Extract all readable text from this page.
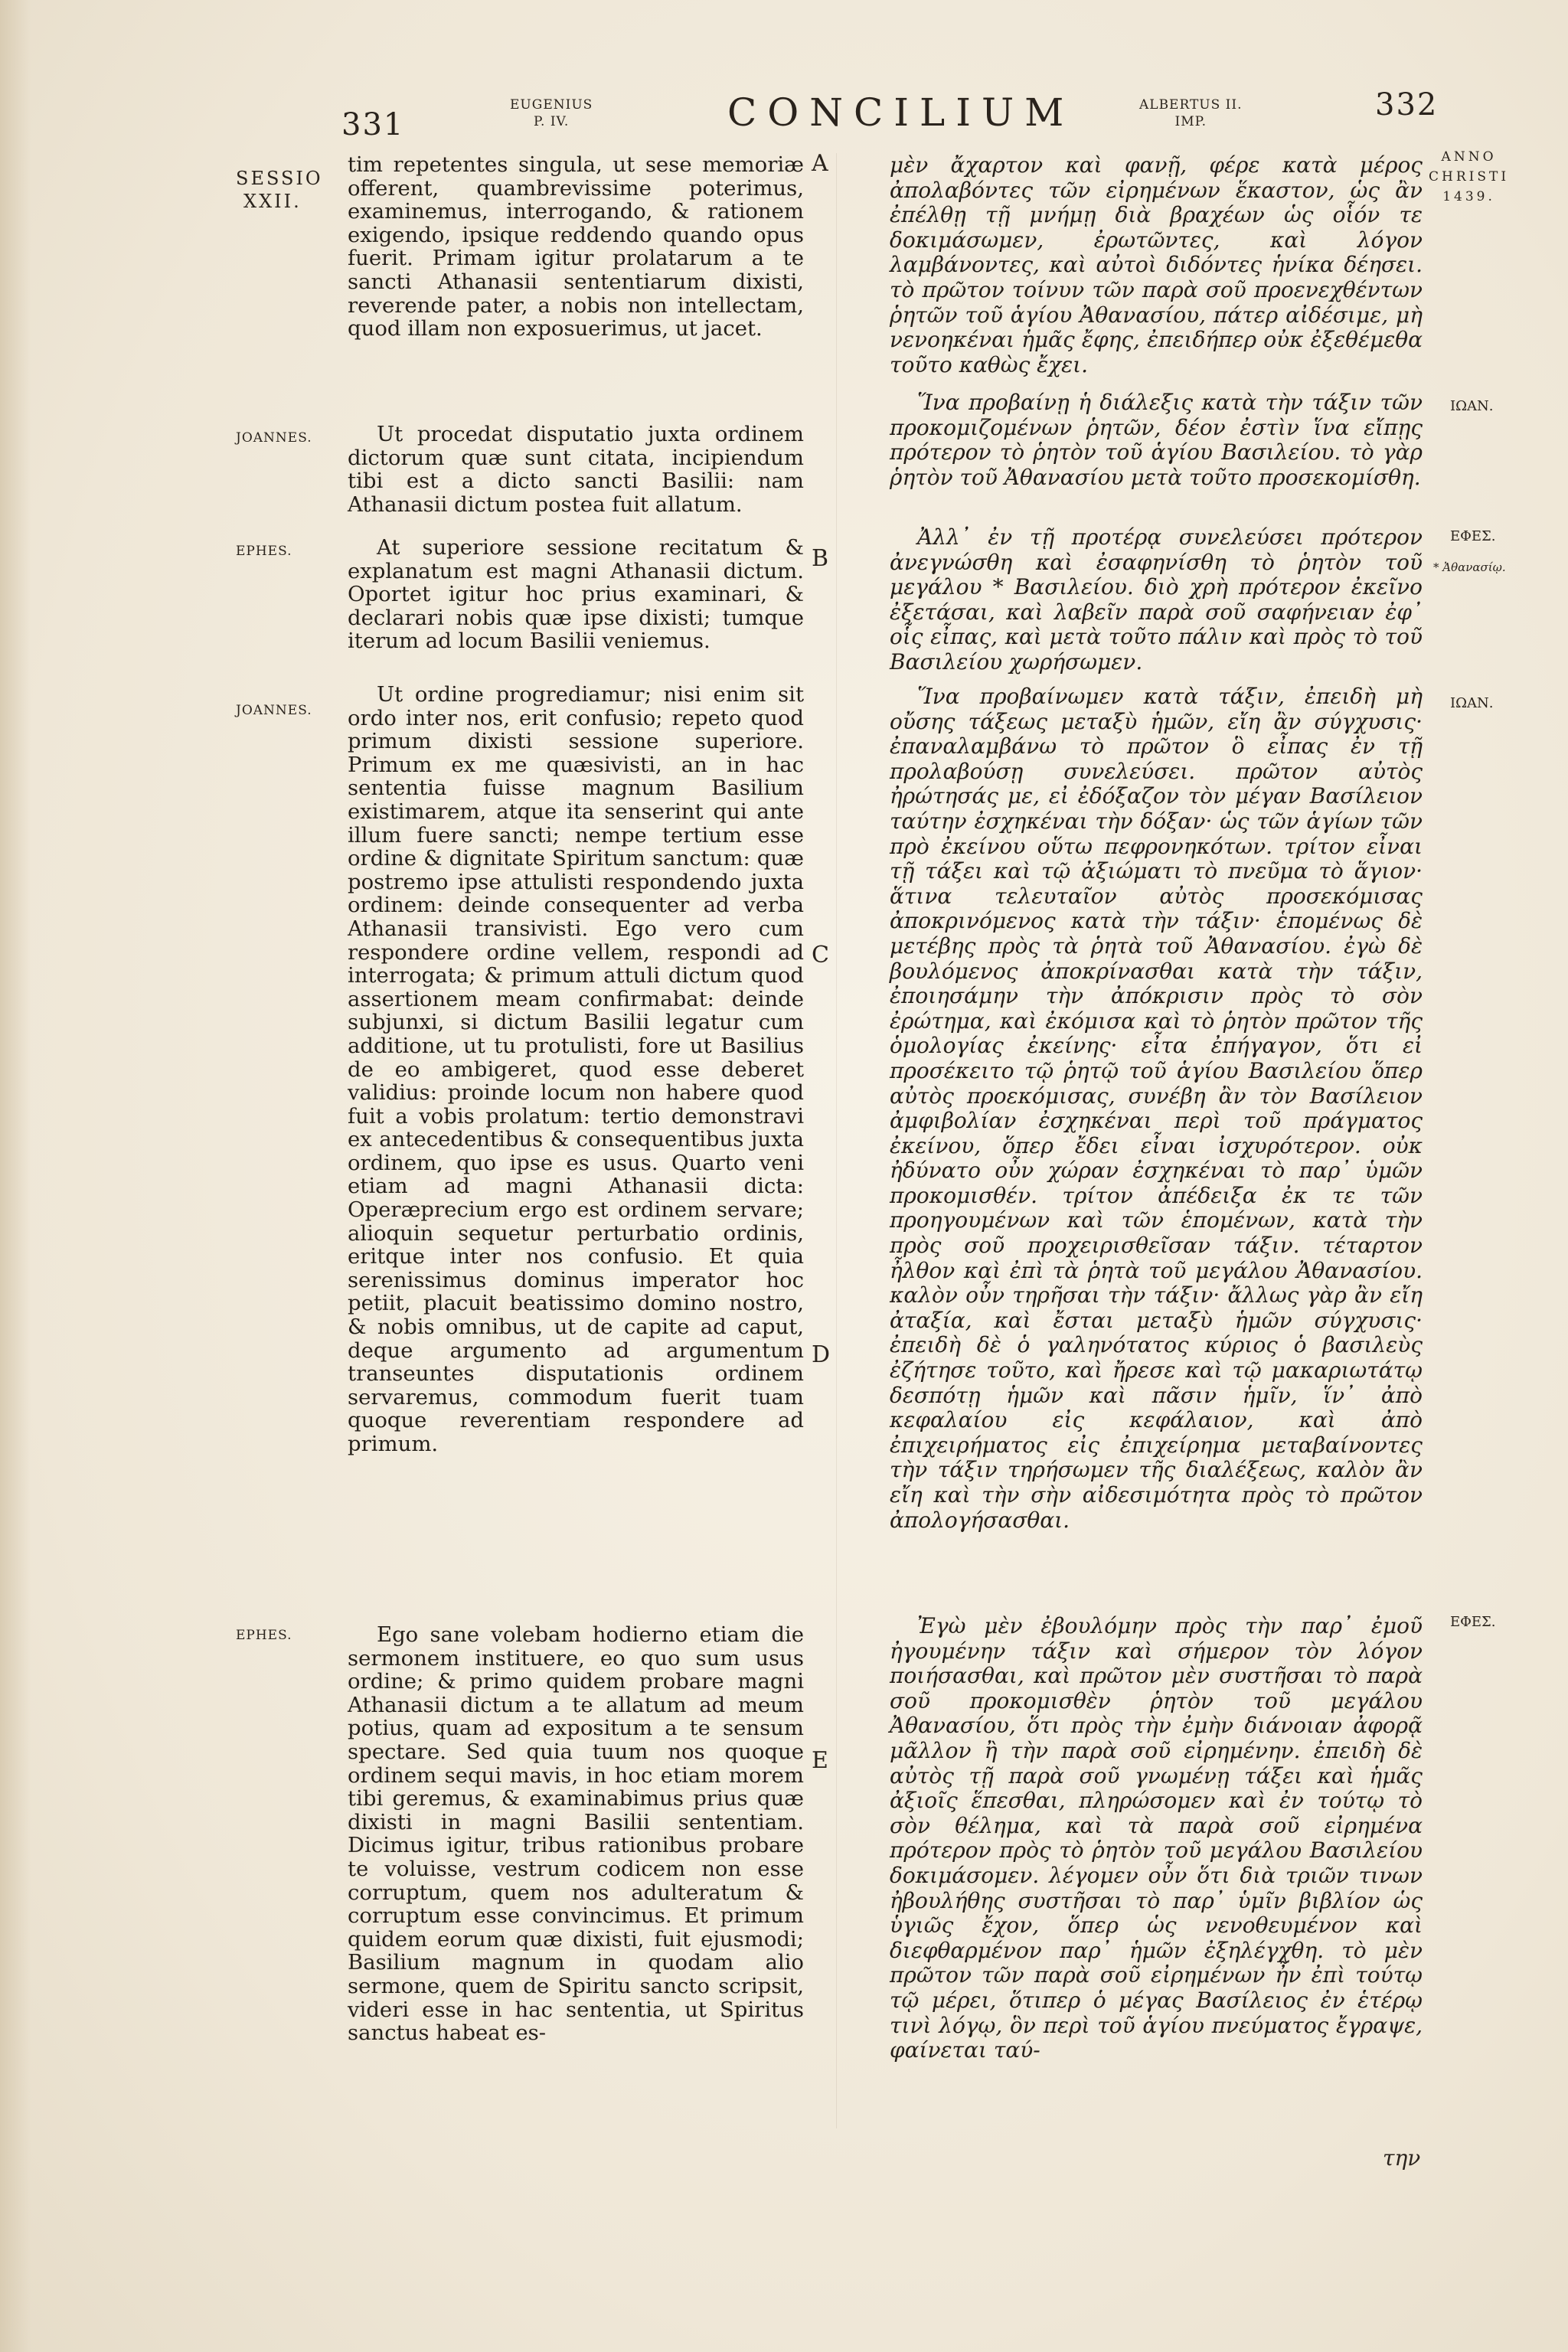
331
EUGENIUS
P. IV.	CONCILIUM	ALBERTUS II.
IMP.	332
SESSIO
XXII.
JOANNES.
EPHES.
JOANNES.
EPHES.
ANNO
CHRISTI
1439.
ΙΩΑΝ.
ΕΦΕΣ.
* Ἀθανασίῳ.
ΙΩΑΝ.
ΕΦΕΣ.
A
B
C
D
E

tim repetentes singula, ut sese memoriæ offerent, quambrevissime poterimus, examinemus, interrogando, & rationem exigendo, ipsique reddendo quando opus fuerit. Primam igitur prolatarum a te sancti Athanasii sententiarum dixisti, reverende pater, a nobis non intellectam, quod illam non exposuerimus, ut jacet.

Ut procedat disputatio juxta ordinem dictorum quæ sunt citata, incipiendum tibi est a dicto sancti Basilii: nam Athanasii dictum postea fuit allatum.

At superiore sessione recitatum & explanatum est magni Athanasii dictum. Oportet igitur hoc prius examinari, & declarari nobis quæ ipse dixisti; tumque iterum ad locum Basilii veniemus.

Ut ordine progrediamur; nisi enim sit ordo inter nos, erit confusio; repeto quod primum dixisti sessione superiore. Primum ex me quæsivisti, an in hac sententia fuisse magnum Basilium existimarem, atque ita senserint qui ante illum fuere sancti; nempe tertium esse ordine & dignitate Spiritum sanctum: quæ postremo ipse attulisti respondendo juxta ordinem: deinde consequenter ad verba Athanasii transivisti. Ego vero cum respondere ordine vellem, respondi ad interrogata; & primum attuli dictum quod assertionem meam confirmabat: deinde subjunxi, si dictum Basilii legatur cum additione, ut tu protulisti, fore ut Basilius de eo ambigeret, quod esse deberet validius: proinde locum non habere quod fuit a vobis prolatum: tertio demonstravi ex antecedentibus & consequentibus juxta ordinem, quo ipse es usus. Quarto veni etiam ad magni Athanasii dicta: Operæprecium ergo est ordinem servare; alioquin sequetur perturbatio ordinis, eritque inter nos confusio. Et quia serenissimus dominus imperator hoc petiit, placuit beatissimo domino nostro, & nobis omnibus, ut de capite ad caput, deque argumento ad argumentum transeuntes disputationis ordinem servaremus, commodum fuerit tuam quoque reverentiam respondere ad primum.

Ego sane volebam hodierno etiam die sermonem instituere, eo quo sum usus ordine; & primo quidem probare magni Athanasii dictum a te allatum ad meum potius, quam ad expositum a te sensum spectare. Sed quia tuum nos quoque ordinem sequi mavis, in hoc etiam morem tibi geremus, & examinabimus prius quæ dixisti in magni Basilii sententiam. Dicimus igitur, tribus rationibus probare te voluisse, vestrum codicem non esse corruptum, quem nos adulteratum & corruptum esse convincimus. Et primum quidem eorum quæ dixisti, fuit ejusmodi; Basilium magnum in quodam alio sermone, quem de Spiritu sancto scripsit, videri esse in hac sententia, ut Spiritus sanctus habeat es-

μὲν ἄχαρτον καὶ φανῇ, φέρε κατὰ μέρος ἀπολαβόντες τῶν εἰρημένων ἕκαστον, ὡς ἂν ἐπέλθῃ τῇ μνήμῃ διὰ βραχέων ὡς οἷόν τε δοκιμάσωμεν, ἐρωτῶντες, καὶ λόγον λαμβάνοντες, καὶ αὐτοὶ διδόντες ἡνίκα δέησει. τὸ πρῶτον τοίνυν τῶν παρὰ σοῦ προενεχθέντων ῥητῶν τοῦ ἁγίου Ἀθανασίου, πάτερ αἰδέσιμε, μὴ νενοηκέναι ἡμᾶς ἔφης, ἐπειδήπερ οὐκ ἐξεθέμεθα τοῦτο καθὼς ἔχει.

Ἵνα προβαίνῃ ἡ διάλεξις κατὰ τὴν τάξιν τῶν προκομιζομένων ῥητῶν, δέον ἐστὶν ἵνα εἴπῃς πρότερον τὸ ῥητὸν τοῦ ἁγίου Βασιλείου. τὸ γὰρ ῥητὸν τοῦ Ἀθανασίου μετὰ τοῦτο προσεκομίσθη.

Ἀλλ᾽ ἐν τῇ προτέρᾳ συνελεύσει πρότερον ἀνεγνώσθη καὶ ἐσαφηνίσθη τὸ ῥητὸν τοῦ μεγάλου * Βασιλείου. διὸ χρὴ πρότερον ἐκεῖνο ἐξετάσαι, καὶ λαβεῖν παρὰ σοῦ σαφήνειαν ἐφ᾽ οἷς εἶπας, καὶ μετὰ τοῦτο πάλιν καὶ πρὸς τὸ τοῦ Βασιλείου χωρήσωμεν.

Ἵνα προβαίνωμεν κατὰ τάξιν, ἐπειδὴ μὴ οὔσης τάξεως μεταξὺ ἡμῶν, εἴη ἂν σύγχυσις· ἐπαναλαμβάνω τὸ πρῶτον ὃ εἶπας ἐν τῇ προλαβούσῃ συνελεύσει. πρῶτον αὐτὸς ἠρώτησάς με, εἰ ἐδόξαζον τὸν μέγαν Βασίλειον ταύτην ἐσχηκέναι τὴν δόξαν· ὡς τῶν ἁγίων τῶν πρὸ ἐκείνου οὕτω πεφρονηκότων. τρίτον εἶναι τῇ τάξει καὶ τῷ ἀξιώματι τὸ πνεῦμα τὸ ἅγιον· ἅτινα τελευταῖον αὐτὸς προσεκόμισας ἀποκρινόμενος κατὰ τὴν τάξιν· ἑπομένως δὲ μετέβης πρὸς τὰ ῥητὰ τοῦ Ἀθανασίου. ἐγὼ δὲ βουλόμενος ἀποκρίνασθαι κατὰ τὴν τάξιν, ἐποιησάμην τὴν ἀπόκρισιν πρὸς τὸ σὸν ἐρώτημα, καὶ ἐκόμισα καὶ τὸ ῥητὸν πρῶτον τῆς ὁμολογίας ἐκείνης· εἶτα ἐπήγαγον, ὅτι εἰ προσέκειτο τῷ ῥητῷ τοῦ ἁγίου Βασιλείου ὅπερ αὐτὸς προεκόμισας, συνέβη ἂν τὸν Βασίλειον ἀμφιβολίαν ἐσχηκέναι περὶ τοῦ πράγματος ἐκείνου, ὅπερ ἔδει εἶναι ἰσχυρότερον. οὐκ ἠδύνατο οὖν χώραν ἐσχηκέναι τὸ παρ᾽ ὑμῶν προκομισθέν. τρίτον ἀπέδειξα ἐκ τε τῶν προηγουμένων καὶ τῶν ἑπομένων, κατὰ τὴν πρὸς σοῦ προχειρισθεῖσαν τάξιν. τέταρτον ἦλθον καὶ ἐπὶ τὰ ῥητὰ τοῦ μεγάλου Ἀθανασίου. καλὸν οὖν τηρῆσαι τὴν τάξιν· ἄλλως γὰρ ἂν εἴη ἀταξία, καὶ ἔσται μεταξὺ ἡμῶν σύγχυσις· ἐπειδὴ δὲ ὁ γαληνότατος κύριος ὁ βασιλεὺς ἐζήτησε τοῦτο, καὶ ἤρεσε καὶ τῷ μακαριωτάτῳ δεσπότῃ ἡμῶν καὶ πᾶσιν ἡμῖν, ἵν᾽ ἀπὸ κεφαλαίου εἰς κεφάλαιον, καὶ ἀπὸ ἐπιχειρήματος εἰς ἐπιχείρημα μεταβαίνοντες τὴν τάξιν τηρήσωμεν τῆς διαλέξεως, καλὸν ἂν εἴη καὶ τὴν σὴν αἰδεσιμότητα πρὸς τὸ πρῶτον ἀπολογήσασθαι.

Ἐγὼ μὲν ἐβουλόμην πρὸς τὴν παρ᾽ ἐμοῦ ἠγουμένην τάξιν καὶ σήμερον τὸν λόγον ποιήσασθαι, καὶ πρῶτον μὲν συστῆσαι τὸ παρὰ σοῦ προκομισθὲν ῥητὸν τοῦ μεγάλου Ἀθανασίου, ὅτι πρὸς τὴν ἐμὴν διάνοιαν ἀφορᾷ μᾶλλον ἢ τὴν παρὰ σοῦ εἰρημένην. ἐπειδὴ δὲ αὐτὸς τῇ παρὰ σοῦ γνωμένῃ τάξει καὶ ἡμᾶς ἀξιοῖς ἕπεσθαι, πληρώσομεν καὶ ἐν τούτῳ τὸ σὸν θέλημα, καὶ τὰ παρὰ σοῦ εἰρημένα πρότερον πρὸς τὸ ῥητὸν τοῦ μεγάλου Βασιλείου δοκιμάσομεν. λέγομεν οὖν ὅτι διὰ τριῶν τινων ἠβουλήθης συστῆσαι τὸ παρ᾽ ὑμῖν βιβλίον ὡς ὑγιῶς ἔχον, ὅπερ ὡς νενοθευμένον καὶ διεφθαρμένον παρ᾽ ἡμῶν ἐξηλέγχθη. τὸ μὲν πρῶτον τῶν παρὰ σοῦ εἰρημένων ἦν ἐπὶ τούτῳ τῷ μέρει, ὅτιπερ ὁ μέγας Βασίλειος ἐν ἑτέρῳ τινὶ λόγῳ, ὃν περὶ τοῦ ἁγίου πνεύματος ἔγραψε, φαίνεται ταύ-

την
